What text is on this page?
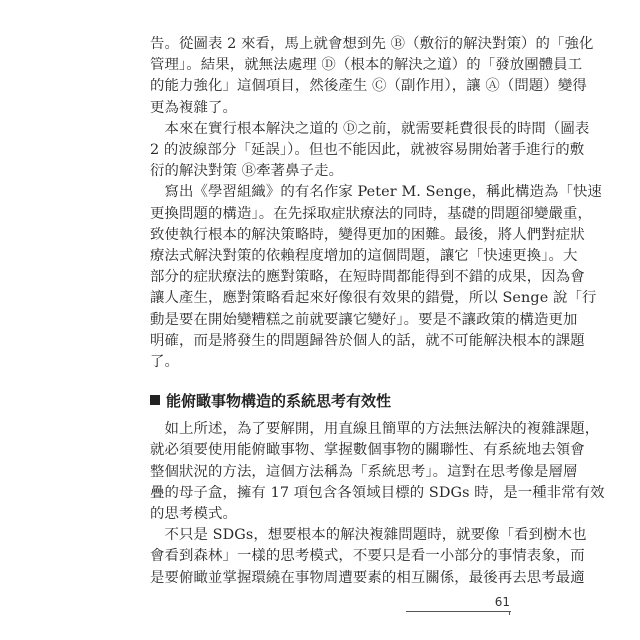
告。從圖表 2 來看，馬上就會想到先 Ⓑ（敷衍的解決對策）的「強化
管理」。結果，就無法處理 Ⓓ（根本的解決之道）的「發放團體員工
的能力強化」這個項目，然後產生 Ⓒ（副作用），讓 Ⓐ（問題）變得
更為複雜了。
　本來在實行根本解決之道的 Ⓓ之前，就需要耗費很長的時間（圖表
2 的波線部分「延誤」）。但也不能因此，就被容易開始著手進行的敷
衍的解決對策 Ⓑ牽著鼻子走。
　寫出《學習組織》的有名作家 Peter M. Senge，稱此構造為「快速
更換問題的構造」。在先採取症狀療法的同時，基礎的問題卻變嚴重，
致使執行根本的解決策略時，變得更加的困難。最後，將人們對症狀
療法式解決對策的依賴程度增加的這個問題，讓它「快速更換」。大
部分的症狀療法的應對策略，在短時間都能得到不錯的成果，因為會
讓人產生，應對策略看起來好像很有效果的錯覺，所以 Senge 說「行
動是要在開始變糟糕之前就要讓它變好」。要是不讓政策的構造更加
明確，而是將發生的問題歸咎於個人的話，就不可能解決根本的課題
了。
能俯瞰事物構造的系統思考有效性
　如上所述，為了要解開，用直線且簡單的方法無法解決的複雜課題，
就必須要使用能俯瞰事物、掌握數個事物的關聯性、有系統地去領會
整個狀況的方法，這個方法稱為「系統思考」。這對在思考像是層層
疊的母子盒，擁有 17 項包含各領域目標的 SDGs 時，是一種非常有效
的思考模式。
　不只是 SDGs，想要根本的解決複雜問題時，就要像「看到樹木也
會看到森林」一樣的思考模式，不要只是看一小部分的事情表象，而
是要俯瞰並掌握環繞在事物周遭要素的相互關係，最後再去思考最適
61
